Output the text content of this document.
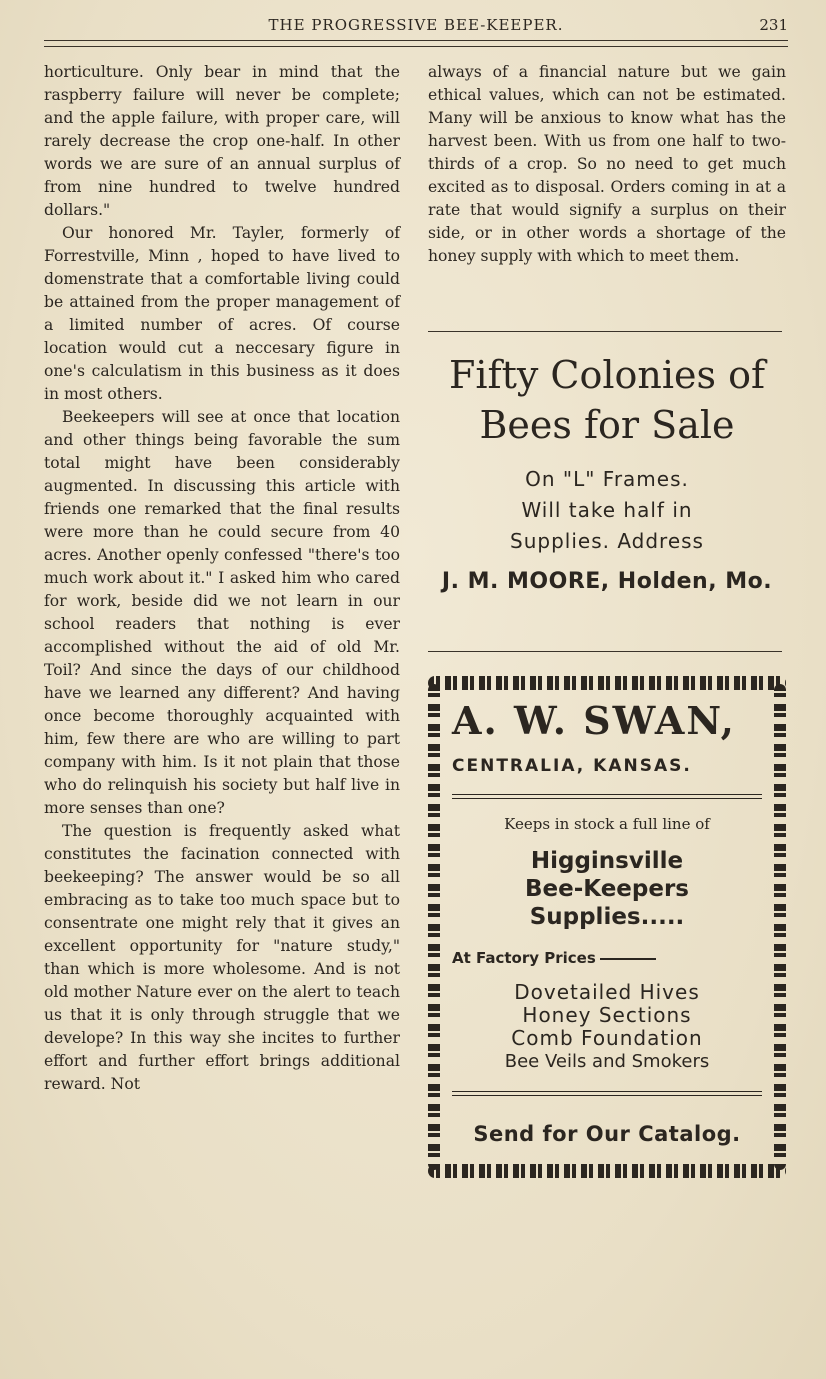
THE PROGRESSIVE BEE-KEEPER.	231

horticulture. Only bear in mind that the raspberry failure will never be complete; and the apple failure, with proper care, will rarely decrease the crop one-half. In other words we are sure of an annual surplus of from nine hundred to twelve hundred dollars."

Our honored Mr. Tayler, formerly of Forrestville, Minn , hoped to have lived to domenstrate that a comfortable living could be attained from the proper management of a limited number of acres. Of course location would cut a neccesary figure in one's calculatism in this business as it does in most others.

Beekeepers will see at once that location and other things being favorable the sum total might have been considerably augmented. In discussing this article with friends one remarked that the final results were more than he could secure from 40 acres. Another openly confessed "there's too much work about it." I asked him who cared for work, beside did we not learn in our school readers that nothing is ever accomplished without the aid of old Mr. Toil? And since the days of our childhood have we learned any different? And having once become thoroughly acquainted with him, few there are who are willing to part company with him. Is it not plain that those who do relinquish his society but half live in more senses than one?

The question is frequently asked what constitutes the facination connected with beekeeping? The answer would be so all embracing as to take too much space but to consentrate one might rely that it gives an excellent opportunity for "nature study," than which is more wholesome. And is not old mother Nature ever on the alert to teach us that it is only through struggle that we develope? In this way she incites to further effort and further effort brings additional reward. Not

always of a financial nature but we gain ethical values, which can not be estimated. Many will be anxious to know what has the harvest been. With us from one half to two-thirds of a crop. So no need to get much excited as to disposal. Orders coming in at a rate that would signify a surplus on their side, or in other words a shortage of the honey supply with which to meet them.

Fifty Colonies of
Bees for Sale
On "L" Frames.
Will take half in
Supplies. Address
J. M. MOORE, Holden, Mo.
A. W. SWAN,
CENTRALIA, KANSAS.
Keeps in stock a full line of
Higginsville
Bee-Keepers
Supplies.....
At Factory Prices
Dovetailed Hives
Honey Sections
Comb Foundation
Bee Veils and Smokers
Send for Our Catalog.
